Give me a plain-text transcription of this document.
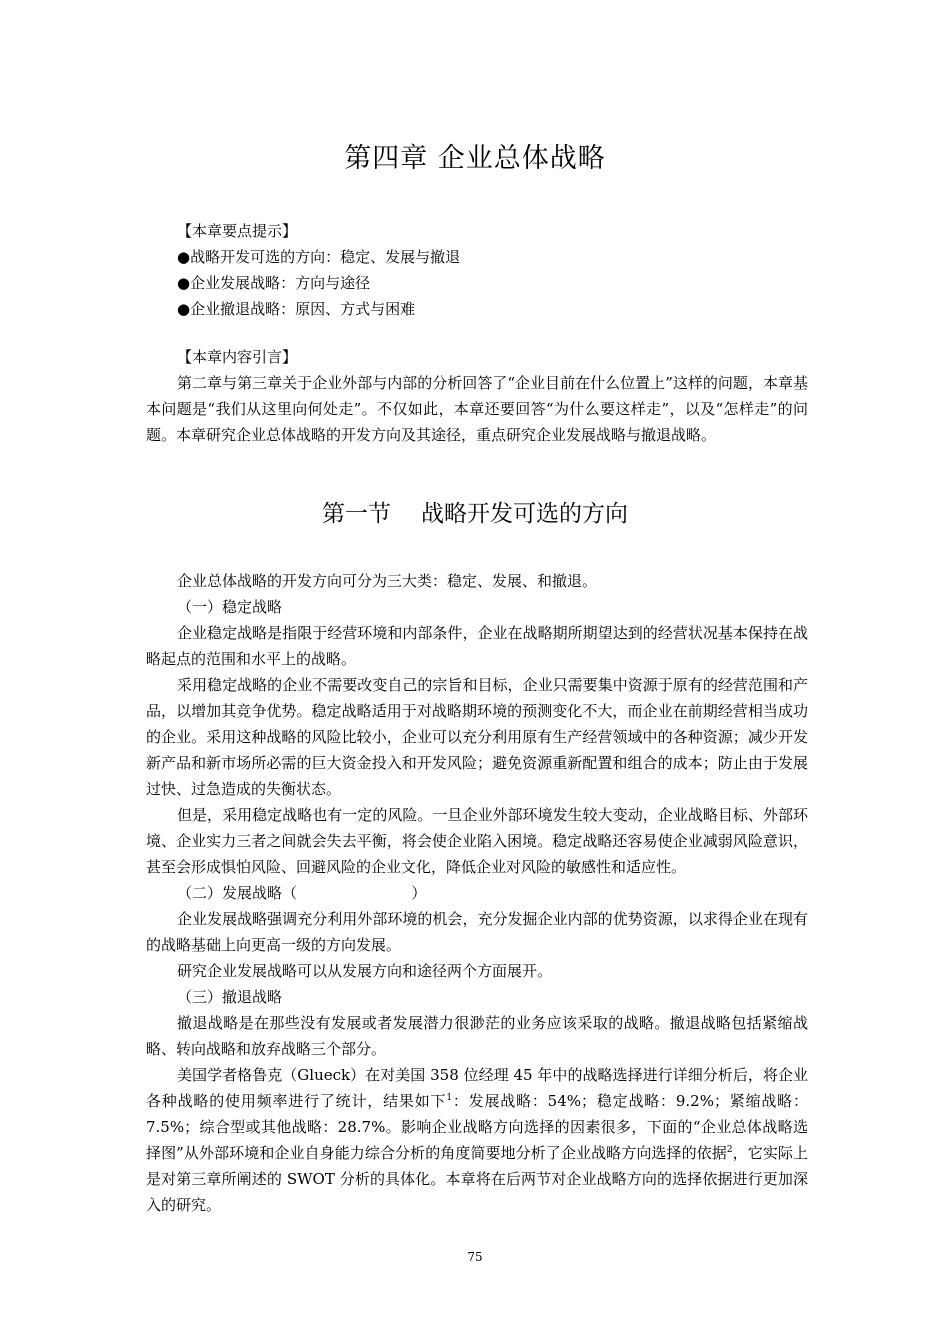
第四章 企业总体战略

【本章要点提示】

●战略开发可选的方向：稳定、发展与撤退

●企业发展战略：方向与途径

●企业撤退战略：原因、方式与困难

【本章内容引言】

第二章与第三章关于企业外部与内部的分析回答了“企业目前在什么位置上”这样的问题，本章基本问题是“我们从这里向何处走”。不仅如此，本章还要回答“为什么要这样走”，以及“怎样走”的问题。本章研究企业总体战略的开发方向及其途径，重点研究企业发展战略与撤退战略。

第一节 战略开发可选的方向

企业总体战略的开发方向可分为三大类：稳定、发展、和撤退。

（一）稳定战略

企业稳定战略是指限于经营环境和内部条件，企业在战略期所期望达到的经营状况基本保持在战略起点的范围和水平上的战略。

采用稳定战略的企业不需要改变自己的宗旨和目标，企业只需要集中资源于原有的经营范围和产品，以增加其竞争优势。稳定战略适用于对战略期环境的预测变化不大，而企业在前期经营相当成功的企业。采用这种战略的风险比较小，企业可以充分利用原有生产经营领域中的各种资源；减少开发新产品和新市场所必需的巨大资金投入和开发风险；避免资源重新配置和组合的成本；防止由于发展过快、过急造成的失衡状态。

但是，采用稳定战略也有一定的风险。一旦企业外部环境发生较大变动，企业战略目标、外部环境、企业实力三者之间就会失去平衡，将会使企业陷入困境。稳定战略还容易使企业减弱风险意识，甚至会形成惧怕风险、回避风险的企业文化，降低企业对风险的敏感性和适应性。

（二）发展战略（                        ）

企业发展战略强调充分利用外部环境的机会，充分发掘企业内部的优势资源，以求得企业在现有的战略基础上向更高一级的方向发展。

研究企业发展战略可以从发展方向和途径两个方面展开。

（三）撤退战略

撤退战略是在那些没有发展或者发展潜力很渺茫的业务应该采取的战略。撤退战略包括紧缩战略、转向战略和放弃战略三个部分。

美国学者格鲁克（Glueck）在对美国 358 位经理 45 年中的战略选择进行详细分析后，将企业各种战略的使用频率进行了统计，结果如下$^1$：发展战略：54%；稳定战略：9.2%；紧缩战略：7.5%；综合型或其他战略：28.7%。影响企业战略方向选择的因素很多，下面的“企业总体战略选择图”从外部环境和企业自身能力综合分析的角度简要地分析了企业战略方向选择的依据$^2$，它实际上是对第三章所阐述的 SWOT 分析的具体化。本章将在后两节对企业战略方向的选择依据进行更加深入的研究。

75
